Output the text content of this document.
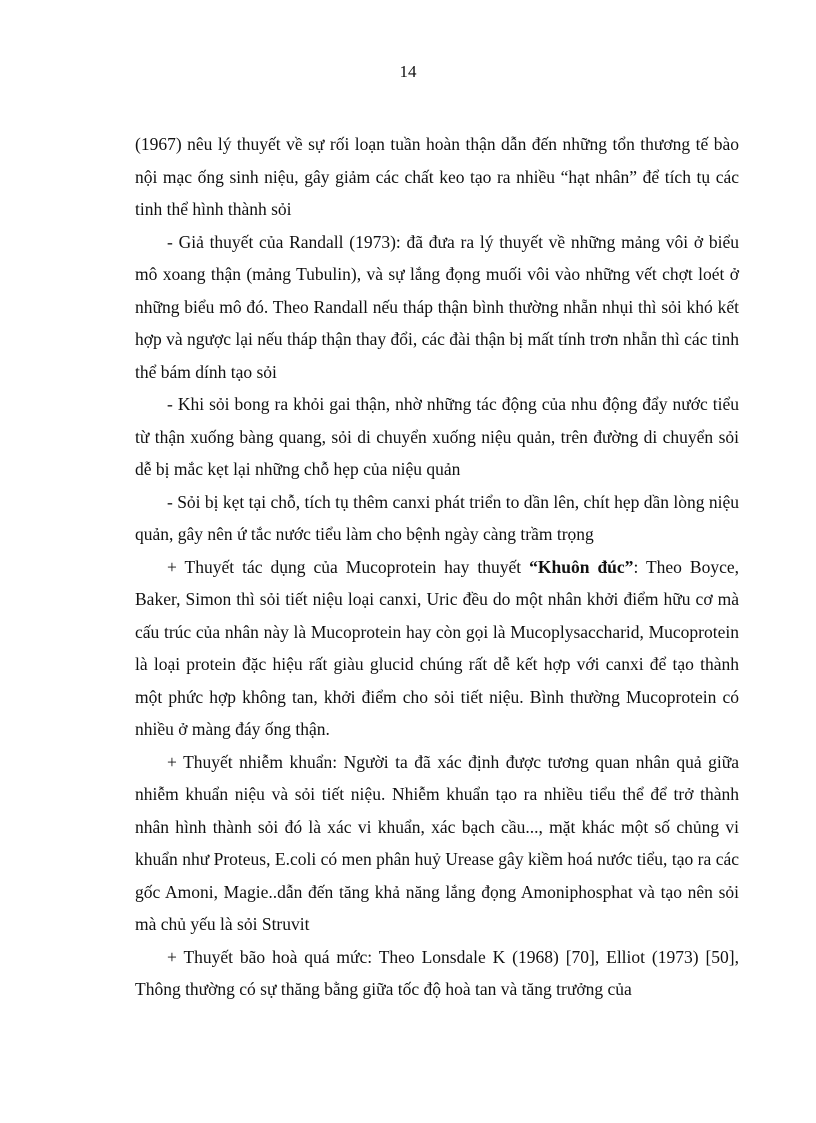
14

(1967) nêu lý thuyết về sự rối loạn tuần hoàn thận dẫn đến những tổn thương tế bào nội mạc ống sinh niệu, gây giảm các chất keo tạo ra nhiều “hạt nhân” để tích tụ các tinh thể hình thành sỏi

- Giả thuyết của Randall (1973): đã đưa ra lý thuyết về những mảng vôi ở biểu mô xoang thận (mảng Tubulin), và sự lắng đọng muối vôi vào những vết chợt loét ở những biểu mô đó. Theo Randall nếu tháp thận bình thường nhẵn nhụi thì sỏi khó kết hợp và ngược lại nếu tháp thận thay đổi, các đài thận bị mất tính trơn nhẵn thì các tinh thể bám dính tạo sỏi

- Khi sỏi bong ra khỏi gai thận, nhờ những tác động của nhu động đẩy nước tiểu từ thận xuống bàng quang, sỏi di chuyển xuống niệu quản, trên đường di chuyển sỏi dễ bị mắc kẹt lại những chỗ hẹp của niệu quản

- Sỏi bị kẹt tại chỗ, tích tụ thêm canxi phát triển to dần lên, chít hẹp dần lòng niệu quản, gây nên ứ tắc nước tiểu làm cho bệnh ngày càng trầm trọng

+ Thuyết tác dụng của Mucoprotein hay thuyết “Khuôn đúc”: Theo Boyce, Baker, Simon thì sỏi tiết niệu loại canxi, Uric đều do một nhân khởi điểm hữu cơ mà cấu trúc của nhân này là Mucoprotein hay còn gọi là Mucoplysaccharid, Mucoprotein là loại protein đặc hiệu rất giàu glucid chúng rất dễ kết hợp với canxi để tạo thành một phức hợp không tan, khởi điểm cho sỏi tiết niệu. Bình thường Mucoprotein có nhiều ở màng đáy ống thận.

+ Thuyết nhiễm khuẩn: Người ta đã xác định được tương quan nhân quả giữa nhiễm khuẩn niệu và sỏi tiết niệu. Nhiễm khuẩn tạo ra nhiều tiểu thể để trở thành nhân hình thành sỏi đó là xác vi khuẩn, xác bạch cầu..., mặt khác một số chủng vi khuẩn như Proteus, E.coli có men phân huỷ Urease gây kiềm hoá nước tiểu, tạo ra các gốc Amoni, Magie..dẫn đến tăng khả năng lắng đọng Amoniphosphat và tạo nên sỏi mà chủ yếu là sỏi Struvit

+ Thuyết bão hoà quá mức: Theo Lonsdale K (1968) [70], Elliot (1973) [50], Thông thường có sự thăng bằng giữa tốc độ hoà tan và tăng trưởng của
